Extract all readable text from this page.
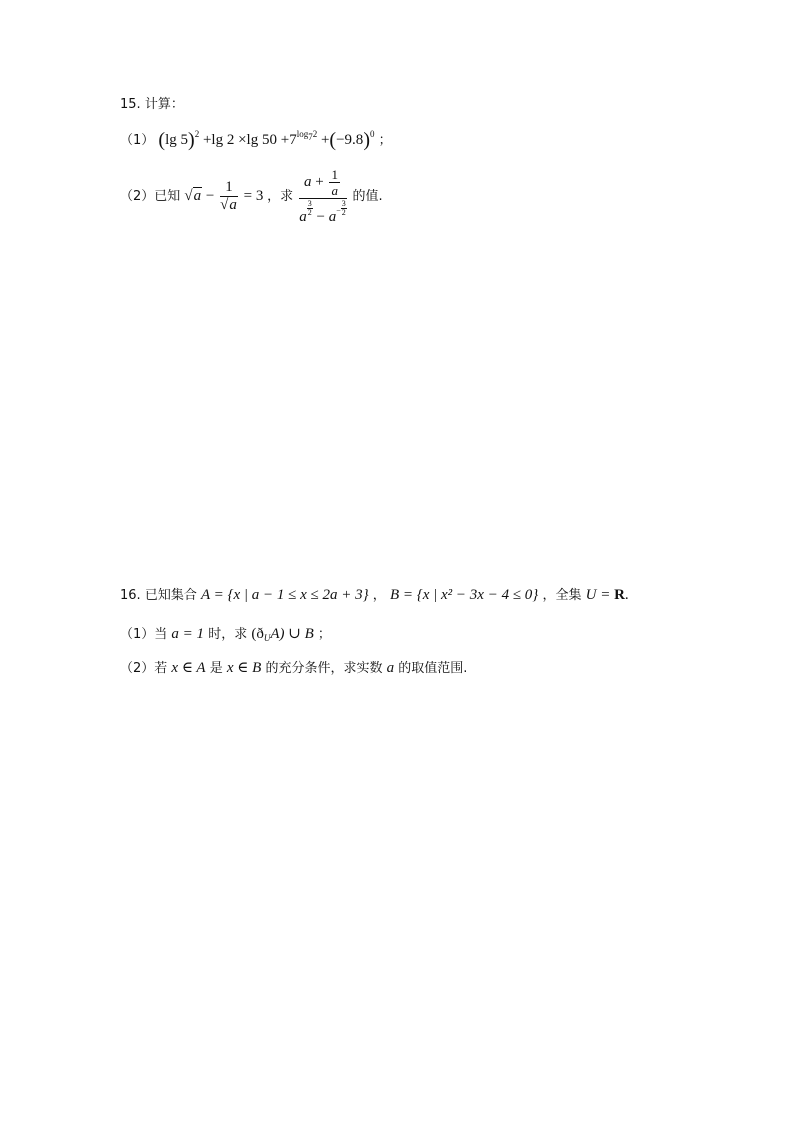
15. 计算：
（1） (lg 5)$^2$ +lg 2 ×lg $50 +7^{log_72} +(-9.8)^0$ ；
（2）已知 $√a - \frac{1}{√a} = 3$ ，求 $\frac{a + \frac{1}{a}}{a \frac{3}{2} - a^- \frac{3}{2}}$ 的值.
16. 已知集合 A = {x | a − 1 ≤ x ≤ 2a + 3} ， B = {x | x² − 3x − 4 ≤ 0} ，全集 U = R.
（1）当 a = 1 时，求 $(ð_UA)$ ∪ B ；
（2）若 x ∈ A 是 x ∈ B 的充分条件，求实数 a 的取值范围.
